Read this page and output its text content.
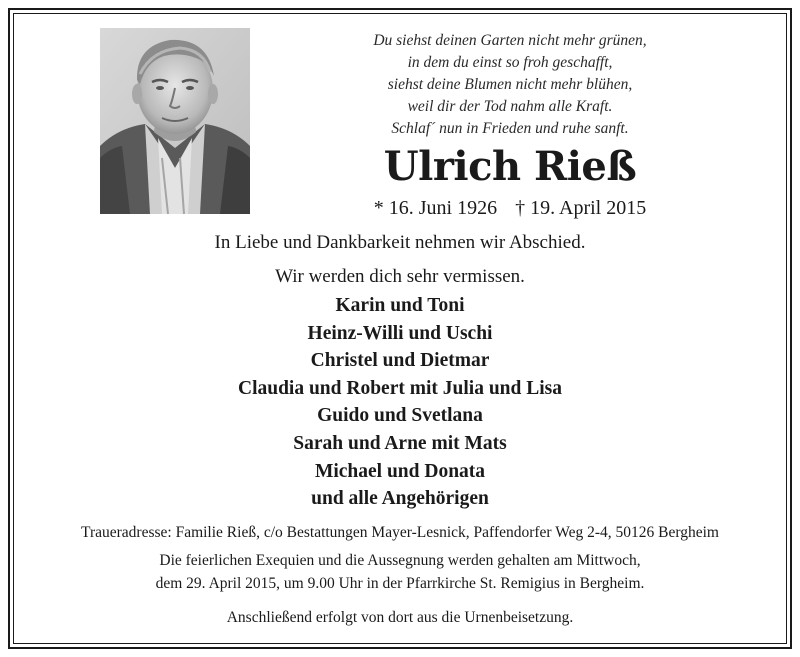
Du siehst deinen Garten nicht mehr grünen,
in dem du einst so froh geschafft,
siehst deine Blumen nicht mehr blühen,
weil dir der Tod nahm alle Kraft.
Schlaf´ nun in Frieden und ruhe sanft.
Ulrich Rieß
* 16. Juni 1926 † 19. April 2015
In Liebe und Dankbarkeit nehmen wir Abschied.
Wir werden dich sehr vermissen.
Karin und Toni
Heinz-Willi und Uschi
Christel und Dietmar
Claudia und Robert mit Julia und Lisa
Guido und Svetlana
Sarah und Arne mit Mats
Michael und Donata
und alle Angehörigen
Traueradresse: Familie Rieß, c/o Bestattungen Mayer-Lesnick, Paffendorfer Weg 2-4, 50126 Bergheim
Die feierlichen Exequien und die Aussegnung werden gehalten am Mittwoch,
dem 29. April 2015, um 9.00 Uhr in der Pfarrkirche St. Remigius in Bergheim.
Anschließend erfolgt von dort aus die Urnenbeisetzung.
